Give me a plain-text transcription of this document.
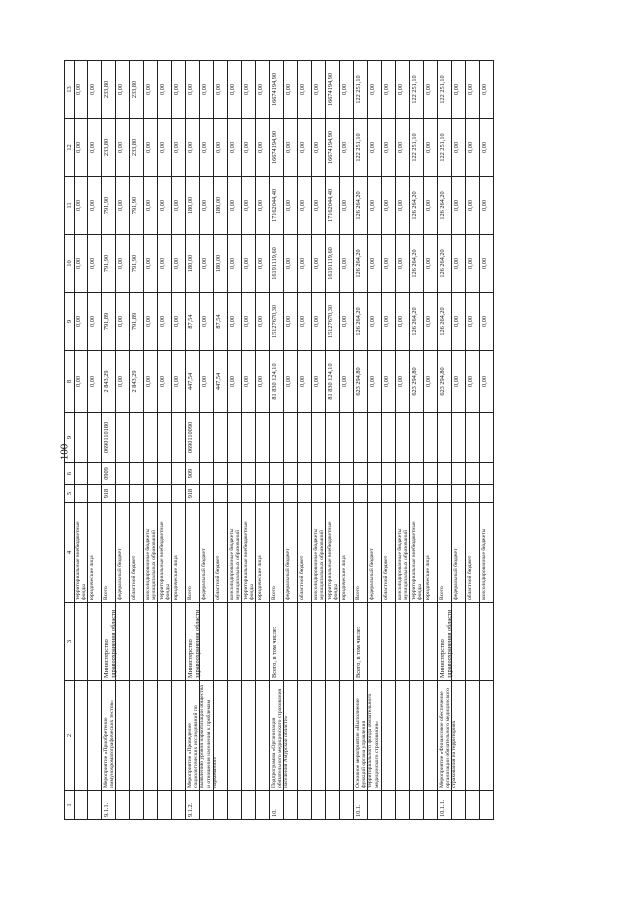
100
1
2
3
4
5
6
9
8
9
10
11
12
13
территориальные внебюджетные фонды
0,00
0,00
0,00
0,00
0,00
0,00
юридические лица
0,00
0,00
0,00
0,00
0,00
0,00
9.1.1.
Мероприятие «Приобретение иммунохроматографических тестов»
Министерство здравоохранения области
Всего
918
0909
0690110180
2 843,29
791,89
791,90
791,90
233,80
233,80
федеральный бюджет
0,00
0,00
0,00
0,00
0,00
0,00
областной бюджет
2 843,29
791,89
791,90
791,90
233,80
233,80
консолидированные бюджеты муниципальных образований
0,00
0,00
0,00
0,00
0,00
0,00
территориальные внебюджетные фонды
0,00
0,00
0,00
0,00
0,00
0,00
юридические лица
0,00
0,00
0,00
0,00
0,00
0,00
9.1.2.
Мероприятие «Проведение социологических исследований по выявлению уровня наркотизации общества и отношения населения к проблемам наркомании»
Министерство здравоохранения области
Всего
918
909
0690110090
447,54
87,54
180,00
180,00
0,00
0,00
федеральный бюджет
0,00
0,00
0,00
0,00
0,00
0,00
областной бюджет
447,54
87,54
180,00
180,00
0,00
0,00
консолидированные бюджеты муниципальных образований
0,00
0,00
0,00
0,00
0,00
0,00
территориальные внебюджетные фонды
0,00
0,00
0,00
0,00
0,00
0,00
юридические лица
0,00
0,00
0,00
0,00
0,00
0,00
10.
Подпрограмма «Организация обязательного медицинского страхования населения Амурской области»
Всего, в том числе:
Всего
81 830 124,10
15127670,30
16191119,60
17162044,40
16674194,90
16674194,90
федеральный бюджет
0,00
0,00
0,00
0,00
0,00
0,00
областной бюджет
0,00
0,00
0,00
0,00
0,00
0,00
консолидированные бюджеты муниципальных образований
0,00
0,00
0,00
0,00
0,00
0,00
территориальные внебюджетные фонды
81 830 124,10
15127670,30
16191119,60
17162044,40
16674194,90
16674194,90
юридические лица
0,00
0,00
0,00
0,00
0,00
0,00
10.1.
Основное мероприятие «Выполнение функций органа управления территориального фонда обязательного медицинского страхования»
Всего, в том числе:
Всего
623 294,80
126 264,20
126 264,20
126 264,20
122 251,10
122 251,10
федеральный бюджет
0,00
0,00
0,00
0,00
0,00
0,00
областной бюджет
0,00
0,00
0,00
0,00
0,00
0,00
консолидированные бюджеты муниципальных образований
0,00
0,00
0,00
0,00
0,00
0,00
территориальные внебюджетные фонды
623 294,80
126 264,20
126 264,20
126 264,20
122 251,10
122 251,10
юридические лица
0,00
0,00
0,00
0,00
0,00
0,00
10.1.1.
Мероприятие «Финансовое обеспечение организации обязательного медицинского страхования на территориях
Министерство здравоохранения области
Всего
623 294,80
126 264,20
126 264,20
126 264,20
122 251,10
122 251,10
федеральный бюджет
0,00
0,00
0,00
0,00
0,00
0,00
областной бюджет
0,00
0,00
0,00
0,00
0,00
0,00
консолидированные бюджеты
0,00
0,00
0,00
0,00
0,00
0,00
